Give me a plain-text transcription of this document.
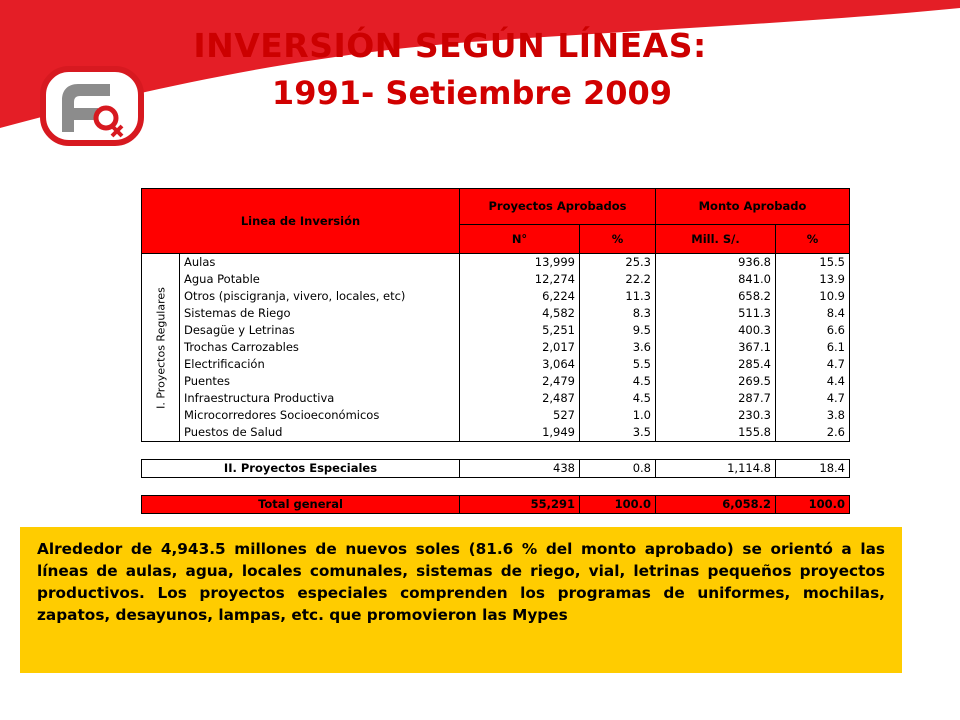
INVERSIÓN SEGÚN LÍNEAS:
1991- Setiembre 2009
Linea de Inversión		Proyectos Aprobados		Monto Aprobado	
		N°	%	Mill. S/.	%

I. Proyectos Regulares	Aulas	13,999	25.3	936.8	15.5
	Agua Potable	12,274	22.2	841.0	13.9
	Otros (piscigranja, vivero, locales, etc)	6,224	11.3	658.2	10.9
	Sistemas de Riego	4,582	8.3	511.3	8.4
	Desagüe y Letrinas	5,251	9.5	400.3	6.6
	Trochas Carrozables	2,017	3.6	367.1	6.1
	Electrificación	3,064	5.5	285.4	4.7
	Puentes	2,479	4.5	269.5	4.4
	Infraestructura Productiva	2,487	4.5	287.7	4.7
	Microcorredores Socioeconómicos	527	1.0	230.3	3.8
	Puestos de Salud	1,949	3.5	155.8	2.6

II. Proyectos Especiales		438	0.8	1,114.8	18.4

Total general		55,291	100.0	6,058.2	100.0
Alrededor de 4,943.5 millones de nuevos soles (81.6 % del monto aprobado) se orientó a las líneas de aulas, agua, locales comunales, sistemas de riego, vial, letrinas pequeños proyectos productivos. Los proyectos especiales comprenden los programas de uniformes, mochilas, zapatos, desayunos, lampas, etc. que promovieron las Mypes
